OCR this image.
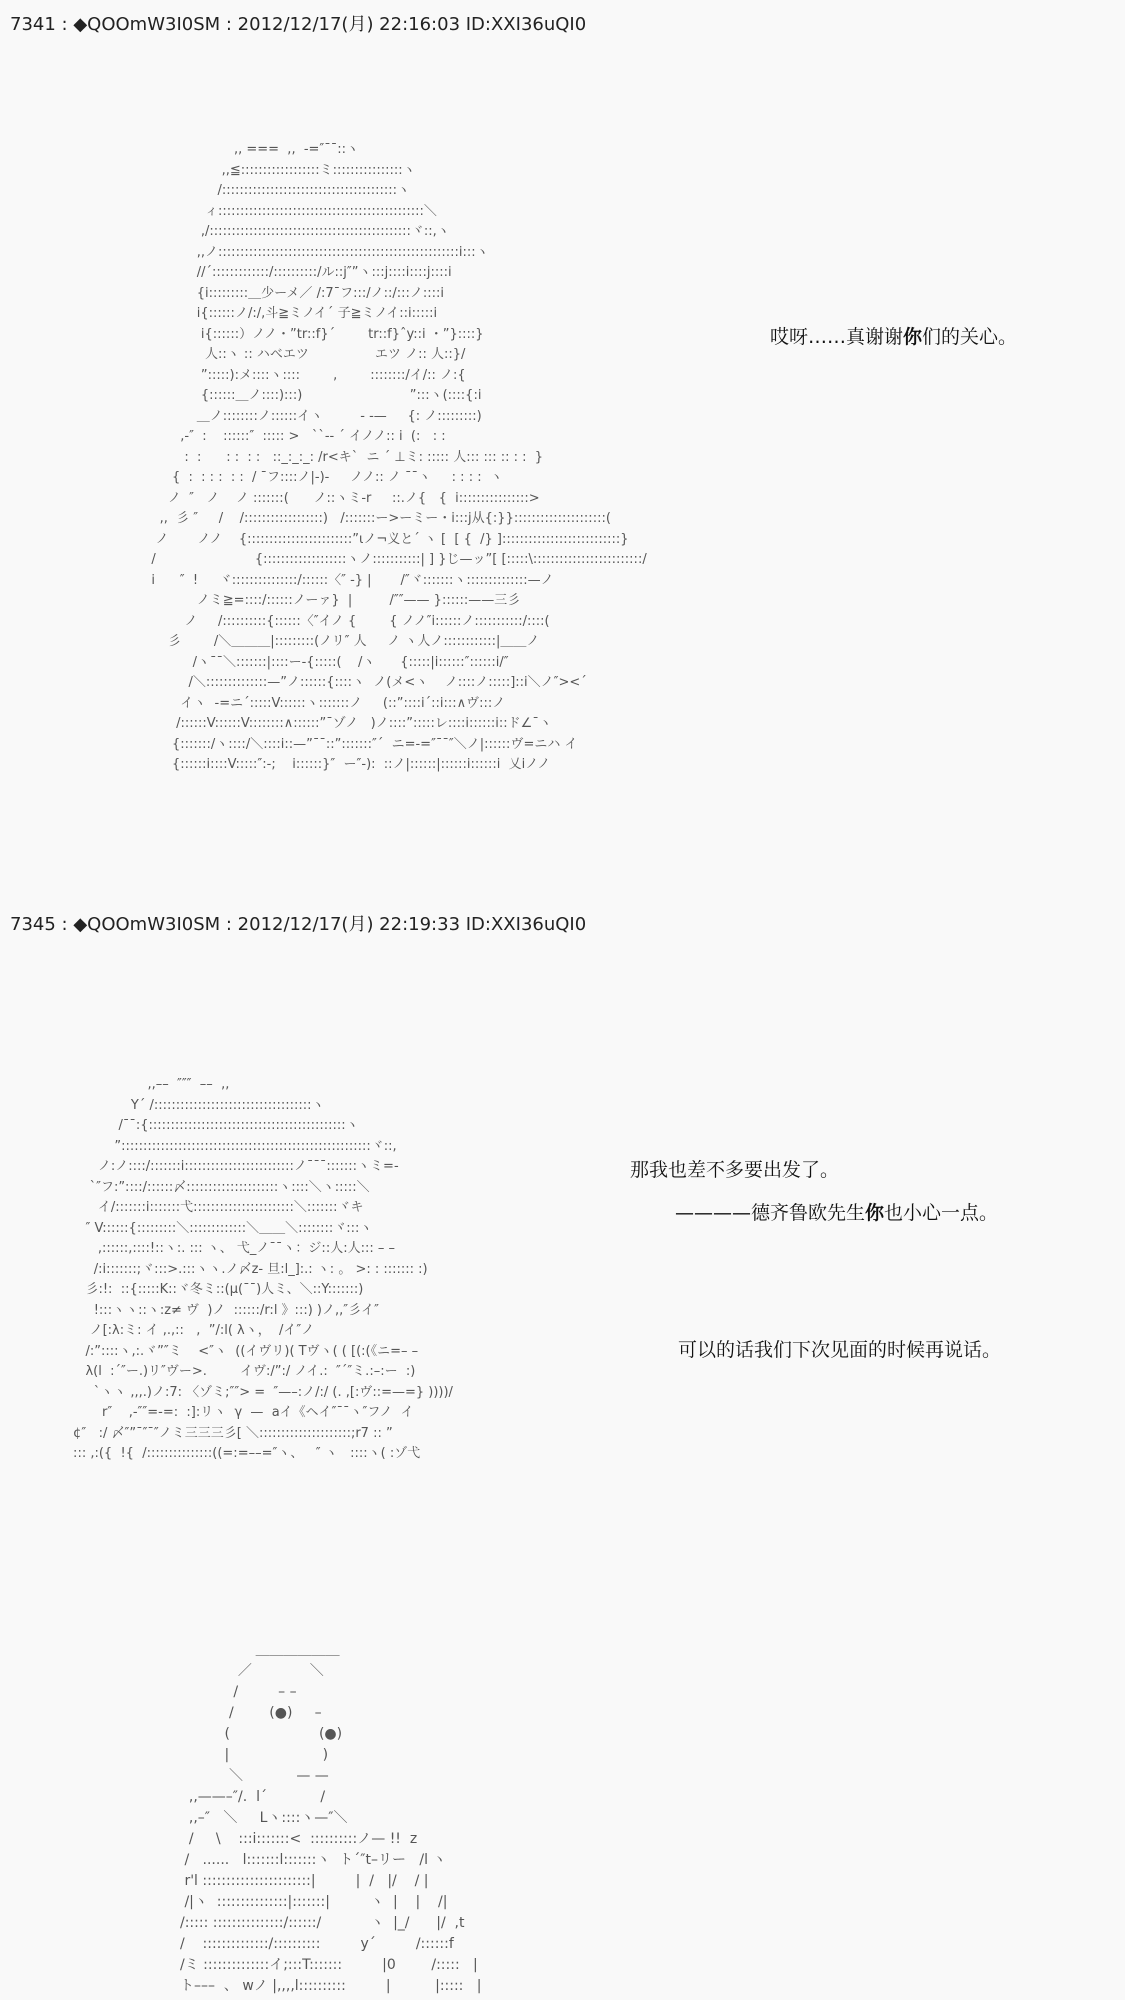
7341 : ◆QOOmW3I0SM : 2012/12/17(月) 22:16:03 ID:XXI36uQI0
,, ===  ,,  -=″¯¯::ヽ
,,≦::::::::::::::::::ミ::::::::::::::::ヽ
/::::::::::::::::::::::::::::::::::::::::ヽ
ィ:::::::::::::::::::::::::::::::::::::::::::::::＼
,/::::::::::::::::::::::::::::::::::::::::::::::ヾ::,ヽ
,,ノ:::::::::::::::::::::::::::::::::::::::::::::::::::::::i:::ヽ
//´:::::::::::::/::::::::::/ル::j″”ヽ:::j::::i::::j::::i
{i:::::::::＿少ーメ／ /:7¯フ:::/ノ::/:::ノ::::i
i{::::::ノ/:/,斗≧ミノイ´ 子≧ミノイ::i:::::i
i{::::::）ノノ・”tr::f}´        tr::f}ˆy::i ・”}::::}
人::ヽ :: ハベエツ                エツ ノ:: 人::}/
”:::::):メ::::ヽ::::        ,        ::::::::/イ/:: ノ:{
{::::::＿ノ::::):::)                          ”:::ヽ(::::{:i
＿ノ::::::::ノ::::::イヽ         ‐ ‐—     {: ノ:::::::::)
,-″  :    ::::::″  ::::: >   ``-- ´ イノノ:: i  (:   : :
:  :      : :  : :   ::_:_:_: /r<キ`  ニ ´ ⊥ミ: ::::: 人::: ::: :: : :  }
{  :  : : :  : :  / ¯フ::::ノ|-)‐     ノノ:: ノ ¯¯ヽ     : : : :  ヽ
ノ  ″   ノ    ノ :::::::(      ノ::ヽミ-r     ::.ノ{   {  i::::::::::::::::>
,,  彡 ″     /    /::::::::::::::::::)   /:::::::ー>ーミー・i:::j从{:}}:::::::::::::::::::::(
ノ       ノノ    {::::::::::::::::::::::::”ιノ¬义と´ ヽ [  [ {  /} ]:::::::::::::::::::::::::::}
/                        {:::::::::::::::::::ヽノ:::::::::::| ] }じ—ッ”[ [:::::\:::::::::::::::::::::::::/
i      ″  !     ヾ:::::::::::::::/::::::〈″ -} |       /″ヾ:::::::ヽ::::::::::::::—ノ
ノミ≧=::::/::::::ノーァ}  |         /″″—— }::::::——三彡
ノ     /::::::::::{::::::〈″イノ {        { ノノ″i::::::ノ:::::::::::/::::(
彡        /＼＿＿＿|:::::::::(ノリ″ 人     ノ ヽ人ノ::::::::::::|＿＿ノ
/ヽ¯¯＼:::::::|::::ー‐{:::::(    /ヽ      {:::::|i::::::″::::::i/″
/＼::::::::::::::—”ノ::::::{::::ヽ  ノ(メ<ヽ    ノ::::ノ:::::]::i＼ノ″><´
イヽ  -=ニ´:::::V::::::ヽ:::::::ノ     (::”::::i´::i:::∧ヴ:::ノ
/::::::V::::::V::::::::∧::::::”¯ゾノ   )ノ::::”:::::レ::::i::::::i::ド∠¯ヽ
{:::::::/ヽ::::/＼::::i::—”¯¯::”:::::::″´  ニ=-=″¯¯″＼ノ|::::::ヴ=ニハ イ
{::::::i::::V:::::″:-;    i::::::}″  ー″‐):  ::ノ|::::::|::::::i::::::i  乂iノノ
哎呀……真谢谢你们的关心。
7345 : ◆QOOmW3I0SM : 2012/12/17(月) 22:19:33 ID:XXI36uQI0
,,––  ″″″  ––  ,,
Y´ /::::::::::::::::::::::::::::::::::::ヽ
/¯¯:{:::::::::::::::::::::::::::::::::::::::::::::ヽ
”:::::::::::::::::::::::::::::::::::::::::::::::::::::::::ヾ::,
ノ:ノ::::/:::::::i:::::::::::::::::::::::::ノ¯¯¯:::::::ヽミ=-
`″フ:”::::/::::::〆:::::::::::::::::::::ヽ::::＼ヽ:::::＼
イ/:::::::i:::::::弋:::::::::::::::::::::::＼:::::::ヾキ
″ V::::::{:::::::::＼:::::::::::::＼＿＿＼::::::::ヾ:::ヽ
,::::::,::::!::ヽ:. ::: ヽ、 弋_ノ¯¯ヽ：ジ::人:人::: – –
/:i:::::::;ヾ:::>.:::ヽヽ.ノ〆z‐ 旦:l_]:.: ヽ: 。 >: : ::::::: :)
彡:!:  ::{:::::K::ヾ冬ミ::(μ(¯¯)人ミ、＼::Y:::::::)
!:::ヽヽ::ヽ:z≠ ヴ  )ノ  ::::::/r:l 》:::) )ノ,,″彡イ″
ノ[:λ:ミ: イ ,.,::   ,  ”/:l( λヽ，  /イ″ノ
/:”::::ヽ,:.ヾ”″ミ    <″ヽ  ((イヴリ)( Tヴヽ( ( [(:(《ニ=– –
λ(l  :´″ー.)リ″ヴー>.        イヴ:/”:/ ノイ.:  ″´″ミ.:–:ー  :)
`ヽヽ ,,,.)ノ:7: 〈ゾミ;″″> =  ″—–:ノ/:/ (. ,[:ヴ::=—=} ))))/
r″    ,-″″=-=:  :]:リヽ  γ  —  aイ《ヘイ″¯¯ヽ″フノ  イ
¢″   :/ 〆″”¯″¯″ノミ三三三彡[ ＼:::::::::::::::::::::;r7 :: ”
::: ,:({  !{  /:::::::::::::::((=:=––=″ヽ、   ″ ヽ   ::::ヽ( :ゾ弋
那我也差不多要出发了。
————德齐鲁欧先生你也小心一点。
可以的话我们下次见面的时候再说话。
＿＿＿＿＿＿
／             ＼
/         – –
/        (●)     –
(                    (●)
|                     )
＼            — —
,,——–″/.  lˊ            /
,,–″   ＼     Lヽ::::ヽ—″＼
/     \    :::i:::::::<  ::::::::::ノ— !!  z
/   ......   l:::::::l:::::::ヽ  ト´″t–リー   /l ヽ
r'l :::::::::::::::::::::::|         |  /   |/    / |
/|ヽ  :::::::::::::::|:::::::|         ヽ  |    |    /|
/::::: :::::::::::::::/::::::/           ヽ  |_/      |/  ,t
/    ::::::::::::::/::::::::::         y´         /::::::f
/ミ ::::::::::::::イ;:::T:::::::         |0        /:::::   |
ト–––  、 wノ |,,,,l::::::::::         |          |:::::   |
